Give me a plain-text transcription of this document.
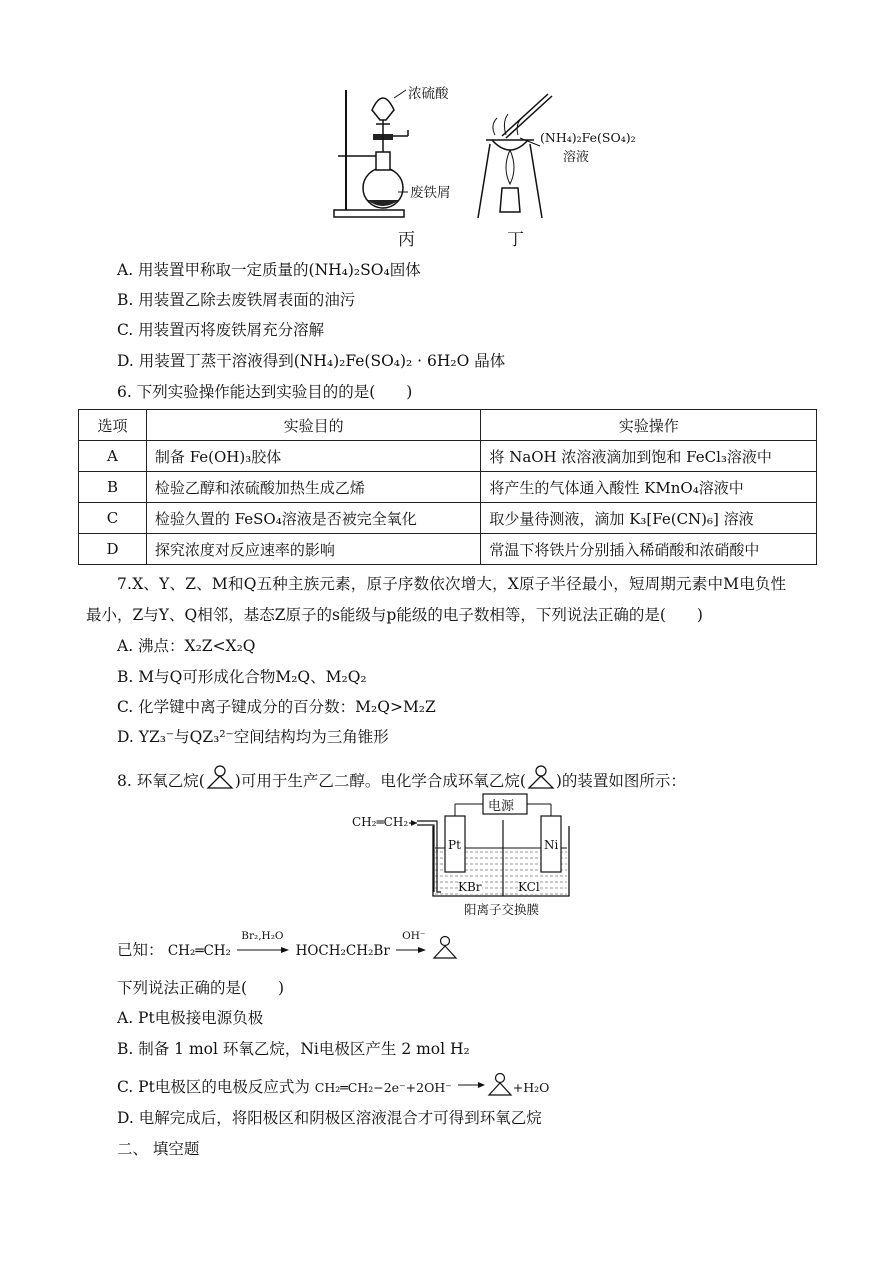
浓硫酸
废铁屑
(NH₄)₂Fe(SO₄)₂
溶液
丙	丁
A. 用装置甲称取一定质量的(NH₄)₂SO₄固体
B. 用装置乙除去废铁屑表面的油污
C. 用装置丙将废铁屑充分溶解
D. 用装置丁蒸干溶液得到(NH₄)₂Fe(SO₄)₂ · 6H₂O 晶体
6. 下列实验操作能达到实验目的的是(　　)
选项	实验目的	实验操作
A	制备 Fe(OH)₃胶体	将 NaOH 浓溶液滴加到饱和 FeCl₃溶液中
B	检验乙醇和浓硫酸加热生成乙烯	将产生的气体通入酸性 KMnO₄溶液中
C	检验久置的 FeSO₄溶液是否被完全氧化	取少量待测液，滴加 K₃[Fe(CN)₆] 溶液
D	探究浓度对反应速率的影响	常温下将铁片分别插入稀硝酸和浓硝酸中
7.X、Y、Z、M和Q五种主族元素，原子序数依次增大，X原子半径最小，短周期元素中M电负性
最小，Z与Y、Q相邻，基态Z原子的s能级与p能级的电子数相等，下列说法正确的是(　　)
A. 沸点：X₂Z<X₂Q
B. M与Q可形成化合物M₂Q、M₂Q₂
C. 化学键中离子键成分的百分数：M₂Q>M₂Z
D. YZ₃⁻与QZ₃²⁻空间结构均为三角锥形
8. 环氧乙烷( )可用于生产乙二醇。电化学合成环氧乙烷( )的装置如图所示：
电源
CH₂═CH₂
Pt	Ni
KBr	KCl
阳离子交换膜
已知： CH₂═CH₂
Br₂,H₂O
HOCH₂CH₂Br
OH⁻

下列说法正确的是(　　)
A. Pt电极接电源负极
B. 制备 1 mol 环氧乙烷，Ni电极区产生 2 mol H₂
C. Pt电极区的电极反应式为 CH₂═CH₂−2e⁻+2OH⁻ → +H₂O
D. 电解完成后，将阳极区和阴极区溶液混合才可得到环氧乙烷
二、 填空题
